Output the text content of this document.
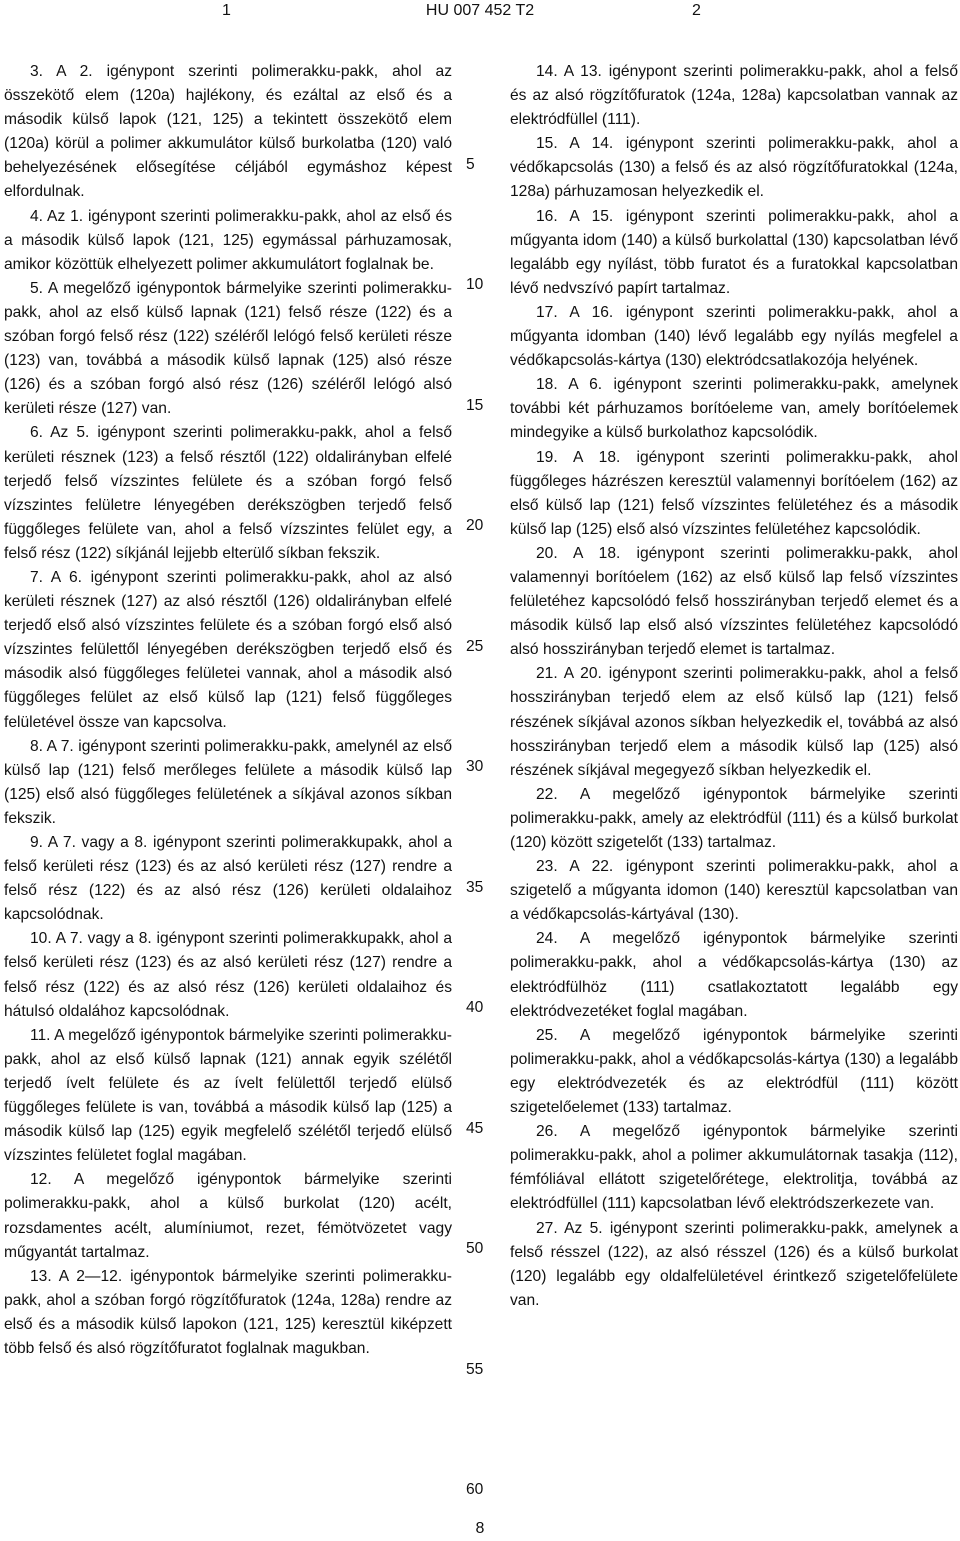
1	HU 007 452 T2	2

3. A 2. igénypont szerinti polimerakku-pakk, ahol az összekötő elem (120a) hajlékony, és ezáltal az első és a második külső lapok (121, 125) a tekintett összekötő elem (120a) körül a polimer akkumulátor külső burkolatba (120) való behelyezésének elősegítése céljából egymáshoz képest elfordulnak.

4. Az 1. igénypont szerinti polimerakku-pakk, ahol az első és a második külső lapok (121, 125) egymással párhuzamosak, amikor közöttük elhelyezett polimer akkumulátort foglalnak be.

5. A megelőző igénypontok bármelyike szerinti polimerakku-pakk, ahol az első külső lapnak (121) felső része (122) és a szóban forgó felső rész (122) széléről lelógó felső kerületi része (123) van, továbbá a második külső lapnak (125) alsó része (126) és a szóban forgó alsó rész (126) széléről lelógó alsó kerületi része (127) van.

6. Az 5. igénypont szerinti polimerakku-pakk, ahol a felső kerületi résznek (123) a felső résztől (122) oldalirányban elfelé terjedő felső vízszintes felülete és a szóban forgó felső vízszintes felületre lényegében derékszögben terjedő felső függőleges felülete van, ahol a felső vízszintes felület egy, a felső rész (122) síkjánál lejjebb elterülő síkban fekszik.

7. A 6. igénypont szerinti polimerakku-pakk, ahol az alsó kerületi résznek (127) az alsó résztől (126) oldalirányban elfelé terjedő első alsó vízszintes felülete és a szóban forgó első alsó vízszintes felülettől lényegében derékszögben terjedő első és második alsó függőleges felületei vannak, ahol a második alsó függőleges felület az első külső lap (121) felső függőleges felületével össze van kapcsolva.

8. A 7. igénypont szerinti polimerakku-pakk, amelynél az első külső lap (121) felső merőleges felülete a második külső lap (125) első alsó függőleges felületének a síkjával azonos síkban fekszik.

9. A 7. vagy a 8. igénypont szerinti polimerakkupakk, ahol a felső kerületi rész (123) és az alsó kerületi rész (127) rendre a felső rész (122) és az alsó rész (126) kerületi oldalaihoz kapcsolódnak.

10. A 7. vagy a 8. igénypont szerinti polimerakkupakk, ahol a felső kerületi rész (123) és az alsó kerületi rész (127) rendre a felső rész (122) és az alsó rész (126) kerületi oldalaihoz és hátulsó oldalához kapcsolódnak.

11. A megelőző igénypontok bármelyike szerinti polimerakku-pakk, ahol az első külső lapnak (121) annak egyik szélétől terjedő ívelt felülete és az ívelt felülettől terjedő elülső függőleges felülete is van, továbbá a második külső lap (125) a második külső lap (125) egyik megfelelő szélétől terjedő elülső vízszintes felületet foglal magában.

12. A megelőző igénypontok bármelyike szerinti polimerakku-pakk, ahol a külső burkolat (120) acélt, rozsdamentes acélt, alumíniumot, rezet, fémötvözetet vagy műgyantát tartalmaz.

13. A 2—12. igénypontok bármelyike szerinti polimerakku-pakk, ahol a szóban forgó rögzítőfuratok (124a, 128a) rendre az első és a második külső lapokon (121, 125) keresztül kiképzett több felső és alsó rögzítőfuratot foglalnak magukban.

5
10
15
20
25
30
35
40
45
50
55
60

14. A 13. igénypont szerinti polimerakku-pakk, ahol a felső és az alsó rögzítőfuratok (124a, 128a) kapcsolatban vannak az elektródfüllel (111).

15. A 14. igénypont szerinti polimerakku-pakk, ahol a védőkapcsolás (130) a felső és az alsó rögzítőfuratokkal (124a, 128a) párhuzamosan helyezkedik el.

16. A 15. igénypont szerinti polimerakku-pakk, ahol a műgyanta idom (140) a külső burkolattal (130) kapcsolatban lévő legalább egy nyílást, több furatot és a furatokkal kapcsolatban lévő nedvszívó papírt tartalmaz.

17. A 16. igénypont szerinti polimerakku-pakk, ahol a műgyanta idomban (140) lévő legalább egy nyílás megfelel a védőkapcsolás-kártya (130) elektródcsatlakozója helyének.

18. A 6. igénypont szerinti polimerakku-pakk, amelynek további két párhuzamos borítóeleme van, amely borítóelemek mindegyike a külső burkolathoz kapcsolódik.

19. A 18. igénypont szerinti polimerakku-pakk, ahol függőleges házrészen keresztül valamennyi borítóelem (162) az első külső lap (121) felső vízszintes felületéhez és a második külső lap (125) első alsó vízszintes felületéhez kapcsolódik.

20. A 18. igénypont szerinti polimerakku-pakk, ahol valamennyi borítóelem (162) az első külső lap felső vízszintes felületéhez kapcsolódó felső hosszirányban terjedő elemet és a második külső lap első alsó vízszintes felületéhez kapcsolódó alsó hosszirányban terjedő elemet is tartalmaz.

21. A 20. igénypont szerinti polimerakku-pakk, ahol a felső hosszirányban terjedő elem az első külső lap (121) felső részének síkjával azonos síkban helyezkedik el, továbbá az alsó hosszirányban terjedő elem a második külső lap (125) alsó részének síkjával megegyező síkban helyezkedik el.

22. A megelőző igénypontok bármelyike szerinti polimerakku-pakk, amely az elektródfül (111) és a külső burkolat (120) között szigetelőt (133) tartalmaz.

23. A 22. igénypont szerinti polimerakku-pakk, ahol a szigetelő a műgyanta idomon (140) keresztül kapcsolatban van a védőkapcsolás-kártyával (130).

24. A megelőző igénypontok bármelyike szerinti polimerakku-pakk, ahol a védőkapcsolás-kártya (130) az elektródfülhöz (111) csatlakoztatott legalább egy elektródvezetéket foglal magában.

25. A megelőző igénypontok bármelyike szerinti polimerakku-pakk, ahol a védőkapcsolás-kártya (130) a legalább egy elektródvezeték és az elektródfül (111) között szigetelőelemet (133) tartalmaz.

26. A megelőző igénypontok bármelyike szerinti polimerakku-pakk, ahol a polimer akkumulátornak tasakja (112), fémfóliával ellátott szigetelőrétege, elektrolitja, továbbá az elektródfüllel (111) kapcsolatban lévő elektródszerkezete van.

27. Az 5. igénypont szerinti polimerakku-pakk, amelynek a felső résszel (122), az alsó résszel (126) és a külső burkolat (120) legalább egy oldalfelületével érintkező szigetelőfelülete van.

8
